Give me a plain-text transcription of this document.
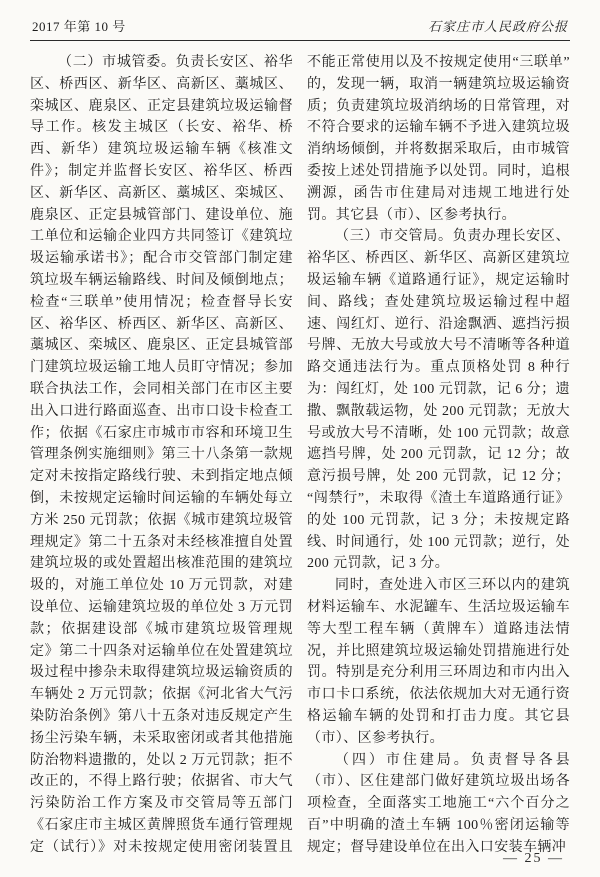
2017 年第 10 号	石家庄市人民政府公报

（二）市城管委。负责长安区、裕华区、桥西区、新华区、高新区、藁城区、栾城区、鹿泉区、正定县建筑垃圾运输督导工作。核发主城区（长安、裕华、桥西、新华）建筑垃圾运输车辆《核准文件》；制定并监督长安区、裕华区、桥西区、新华区、高新区、藁城区、栾城区、鹿泉区、正定县城管部门、建设单位、施工单位和运输企业四方共同签订《建筑垃圾运输承诺书》；配合市交管部门制定建筑垃圾车辆运输路线、时间及倾倒地点；检查“三联单”使用情况；检查督导长安区、裕华区、桥西区、新华区、高新区、藁城区、栾城区、鹿泉区、正定县城管部门建筑垃圾运输工地人员盯守情况；参加联合执法工作，会同相关部门在市区主要出入口进行路面巡查、出市口设卡检查工作；依据《石家庄市城市市容和环境卫生管理条例实施细则》第三十八条第一款规定对未按指定路线行驶、未到指定地点倾倒，未按规定运输时间运输的车辆处每立方米 250 元罚款；依据《城市建筑垃圾管理规定》第二十五条对未经核准擅自处置建筑垃圾的或处置超出核准范围的建筑垃圾的，对施工单位处 10 万元罚款，对建设单位、运输建筑垃圾的单位处 3 万元罚款；依据建设部《城市建筑垃圾管理规定》第二十四条对运输单位在处置建筑垃圾过程中掺杂未取得建筑垃圾运输资质的车辆处 2 万元罚款；依据《河北省大气污染防治条例》第八十五条对违反规定产生扬尘污染车辆，未采取密闭或者其他措施防治物料遗撒的，处以 2 万元罚款；拒不改正的，不得上路行驶；依据省、市大气污染防治工作方案及市交管局等五部门《石家庄市主城区黄牌照货车通行管理规定（试行）》对未按规定使用密闭装置且不能正常使用以及不按规定使用“三联单”的，发现一辆，取消一辆建筑垃圾运输资质；负责建筑垃圾消纳场的日常管理，对不符合要求的运输车辆不予进入建筑垃圾消纳场倾倒，并将数据采取后，由市城管委按上述处罚措施予以处罚。同时，追根溯源，函告市住建局对违规工地进行处罚。其它县（市）、区参考执行。

（三）市交管局。负责办理长安区、裕华区、桥西区、新华区、高新区建筑垃圾运输车辆《道路通行证》，规定运输时间、路线；查处建筑垃圾运输过程中超速、闯红灯、逆行、沿途飘洒、遮挡污损号牌、无放大号或放大号不清晰等各种道路交通违法行为。重点顶格处罚 8 种行为：闯红灯，处 100 元罚款，记 6 分；遗撒、飘散载运物，处 200 元罚款；无放大号或放大号不清晰，处 100 元罚款；故意遮挡号牌，处 200 元罚款，记 12 分；故意污损号牌，处 200 元罚款，记 12 分；“闯禁行”，未取得《渣土车道路通行证》的处 100 元罚款，记 3 分；未按规定路线、时间通行，处 100 元罚款；逆行，处 200 元罚款，记 3 分。

同时，查处进入市区三环以内的建筑材料运输车、水泥罐车、生活垃圾运输车等大型工程车辆（黄牌车）道路违法情况，并比照建筑垃圾运输处罚措施进行处罚。特别是充分利用三环周边和市内出入市口卡口系统，依法依规加大对无通行资格运输车辆的处罚和打击力度。其它县（市）、区参考执行。

（四）市住建局。负责督导各县（市）、区住建部门做好建筑垃圾出场各项检查，全面落实工地施工“六个百分之百”中明确的渣土车辆 100％密闭运输等规定；督导建设单位在出入口安装车辆冲

— 25 —
